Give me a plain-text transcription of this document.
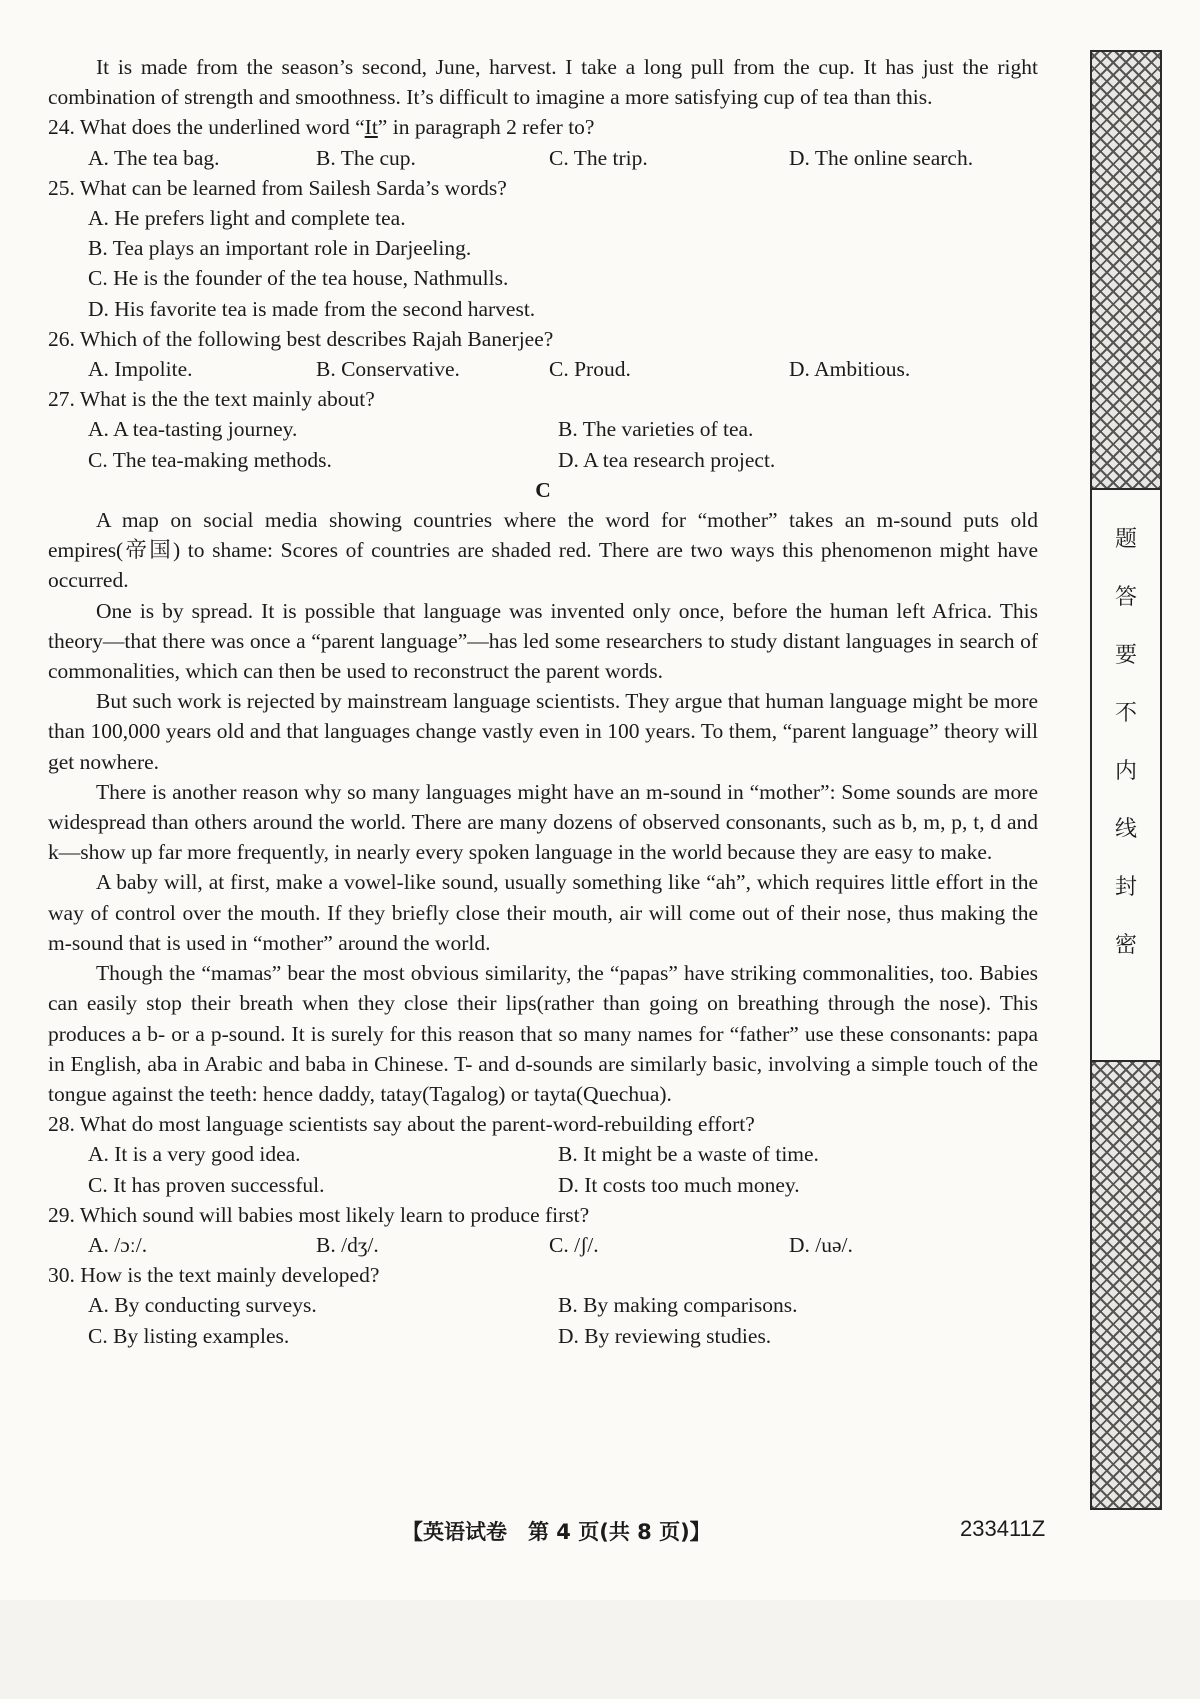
It is made from the season’s second, June, harvest. I take a long pull from the cup. It has just the right combination of strength and smoothness. It’s difficult to imagine a more satisfying cup of tea than this.

24. What does the underlined word “It” in paragraph 2 refer to?
A. The tea bag.	B. The cup.	C. The trip.	D. The online search.
25. What can be learned from Sailesh Sarda’s words?
A. He prefers light and complete tea.
B. Tea plays an important role in Darjeeling.
C. He is the founder of the tea house, Nathmulls.
D. His favorite tea is made from the second harvest.
26. Which of the following best describes Rajah Banerjee?
A. Impolite.	B. Conservative.	C. Proud.	D. Ambitious.
27. What is the the text mainly about?
A. A tea-tasting journey.	B. The varieties of tea.
C. The tea-making methods.	D. A tea research project.

C

A map on social media showing countries where the word for “mother” takes an m-sound puts old empires(帝国) to shame: Scores of countries are shaded red. There are two ways this phenomenon might have occurred.

One is by spread. It is possible that language was invented only once, before the human left Africa. This theory—that there was once a “parent language”—has led some researchers to study distant languages in search of commonalities, which can then be used to reconstruct the parent words.

But such work is rejected by mainstream language scientists. They argue that human language might be more than 100,000 years old and that languages change vastly even in 100 years. To them, “parent language” theory will get nowhere.

There is another reason why so many languages might have an m-sound in “mother”: Some sounds are more widespread than others around the world. There are many dozens of observed consonants, such as b, m, p, t, d and k—show up far more frequently, in nearly every spoken language in the world because they are easy to make.

A baby will, at first, make a vowel-like sound, usually something like “ah”, which requires little effort in the way of control over the mouth. If they briefly close their mouth, air will come out of their nose, thus making the m-sound that is used in “mother” around the world.

Though the “mamas” bear the most obvious similarity, the “papas” have striking commonalities, too. Babies can easily stop their breath when they close their lips(rather than going on breathing through the nose). This produces a b- or a p-sound. It is surely for this reason that so many names for “father” use these consonants: papa in English, aba in Arabic and baba in Chinese. T- and d-sounds are similarly basic, involving a simple touch of the tongue against the teeth: hence daddy, tatay(Tagalog) or tayta(Quechua).

28. What do most language scientists say about the parent-word-rebuilding effort?
A. It is a very good idea.	B. It might be a waste of time.
C. It has proven successful.	D. It costs too much money.
29. Which sound will babies most likely learn to produce first?
A. /ɔː/.	B. /dʒ/.	C. /ʃ/.	D. /uə/.
30. How is the text mainly developed?
A. By conducting surveys.	B. By making comparisons.
C. By listing examples.	D. By reviewing studies.
题
答
要
不
内
线
封
密
【英语试卷　第 4 页(共 8 页)】	233411Z
